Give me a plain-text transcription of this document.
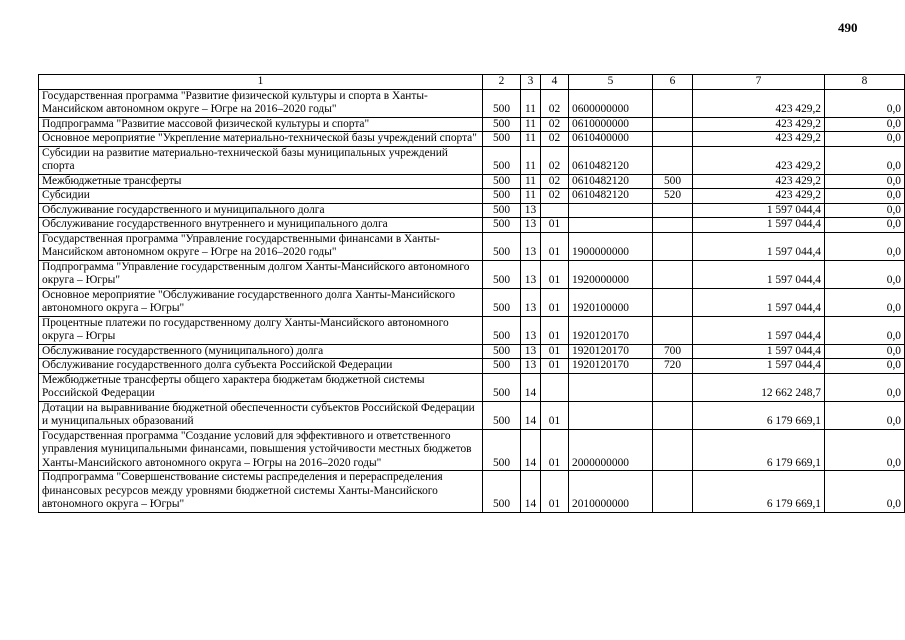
490
1	2	3	4	5	6	7	8
Государственная программа "Развитие физической культуры и спорта в Ханты-Мансийском автономном округе – Югре на 2016–2020 годы"	500	11	02	0600000000		423 429,2	0,0
Подпрограмма "Развитие массовой физической культуры и спорта"	500	11	02	0610000000		423 429,2	0,0
Основное мероприятие "Укрепление материально-технической базы учреждений спорта"	500	11	02	0610400000		423 429,2	0,0
Субсидии на развитие материально-технической базы муниципальных учреждений спорта	500	11	02	0610482120		423 429,2	0,0
Межбюджетные трансферты	500	11	02	0610482120	500	423 429,2	0,0
Субсидии	500	11	02	0610482120	520	423 429,2	0,0
Обслуживание государственного и муниципального долга	500	13				1 597 044,4	0,0
Обслуживание государственного внутреннего и муниципального долга	500	13	01			1 597 044,4	0,0
Государственная программа "Управление государственными финансами в Ханты-Мансийском автономном округе – Югре на 2016–2020 годы"	500	13	01	1900000000		1 597 044,4	0,0
Подпрограмма "Управление государственным долгом Ханты-Мансийского автономного округа – Югры"	500	13	01	1920000000		1 597 044,4	0,0
Основное мероприятие "Обслуживание государственного долга Ханты-Мансийского автономного округа – Югры"	500	13	01	1920100000		1 597 044,4	0,0
Процентные платежи по государственному долгу Ханты-Мансийского автономного округа – Югры	500	13	01	1920120170		1 597 044,4	0,0
Обслуживание государственного (муниципального) долга	500	13	01	1920120170	700	1 597 044,4	0,0
Обслуживание государственного долга субъекта Российской Федерации	500	13	01	1920120170	720	1 597 044,4	0,0
Межбюджетные трансферты общего характера бюджетам бюджетной системы Российской Федерации	500	14				12 662 248,7	0,0
Дотации на выравнивание бюджетной обеспеченности субъектов Российской Федерации и муниципальных образований	500	14	01			6 179 669,1	0,0
Государственная программа "Создание условий для эффективного и ответственного управления муниципальными финансами, повышения устойчивости местных бюджетов Ханты-Мансийского автономного округа – Югры на 2016–2020 годы"	500	14	01	2000000000		6 179 669,1	0,0
Подпрограмма "Совершенствование системы распределения и перераспределения финансовых ресурсов между уровнями бюджетной системы Ханты-Мансийского автономного округа – Югры"	500	14	01	2010000000		6 179 669,1	0,0
